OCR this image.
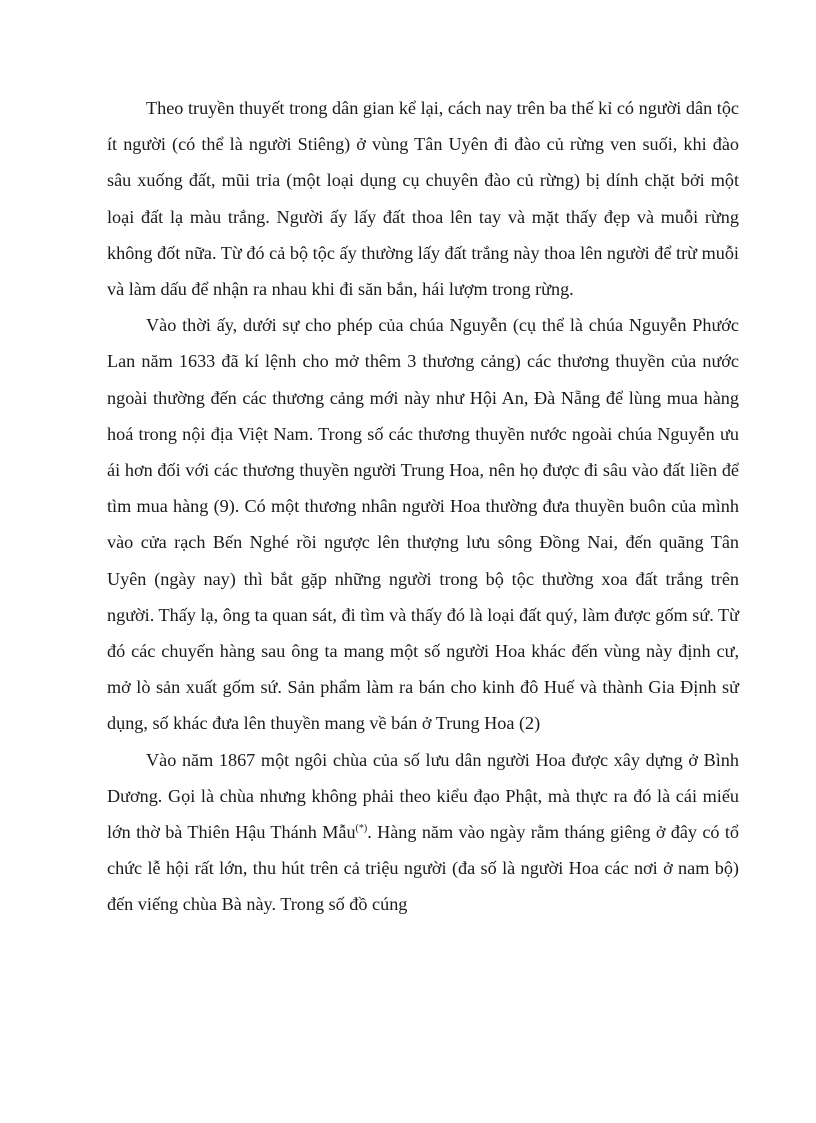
Theo truyền thuyết trong dân gian kể lại, cách nay trên ba thế kỉ có người dân tộc ít người (có thể là người Stiêng) ở vùng Tân Uyên đi đào củ rừng ven suối, khi đào sâu xuống đất, mũi trỉa (một loại dụng cụ chuyên đào củ rừng) bị dính chặt bởi một loại đất lạ màu trắng. Người ấy lấy đất thoa lên tay và mặt thấy đẹp và muỗi rừng không đốt nữa. Từ đó cả bộ tộc ấy thường lấy đất trắng này thoa lên người để trừ muỗi và làm dấu để nhận ra nhau khi đi săn bắn, hái lượm trong rừng.

Vào thời ấy, dưới sự cho phép của chúa Nguyễn (cụ thể là chúa Nguyễn Phước Lan năm 1633 đã kí lệnh cho mở thêm 3 thương cảng) các thương thuyền của nước ngoài thường đến các thương cảng mới này như Hội An, Đà Nẵng để lùng mua hàng hoá trong nội địa Việt Nam. Trong số các thương thuyền nước ngoài chúa Nguyễn ưu ái hơn đối với các thương thuyền người Trung Hoa, nên họ được đi sâu vào đất liền để tìm mua hàng (9). Có một thương nhân người Hoa thường đưa thuyền buôn của mình vào cửa rạch Bến Nghé rồi ngược lên thượng lưu sông Đồng Nai, đến quãng Tân Uyên (ngày nay) thì bắt gặp những người trong bộ tộc thường xoa đất trắng trên người. Thấy lạ, ông ta quan sát, đi tìm và thấy đó là loại đất quý, làm được gốm sứ. Từ đó các chuyến hàng sau ông ta mang một số người Hoa khác đến vùng này định cư, mở lò sản xuất gốm sứ. Sản phẩm làm ra bán cho kinh đô Huế và thành Gia Định sử dụng, số khác đưa lên thuyền mang về bán ở Trung Hoa (2)

Vào năm 1867 một ngôi chùa của số lưu dân người Hoa được xây dựng ở Bình Dương. Gọi là chùa nhưng không phải theo kiểu đạo Phật, mà thực ra đó là cái miếu lớn thờ bà Thiên Hậu Thánh Mẫu(*). Hàng năm vào ngày rằm tháng giêng ở đây có tổ chức lễ hội rất lớn, thu hút trên cả triệu người (đa số là người Hoa các nơi ở nam bộ) đến viếng chùa Bà này. Trong số đồ cúng
